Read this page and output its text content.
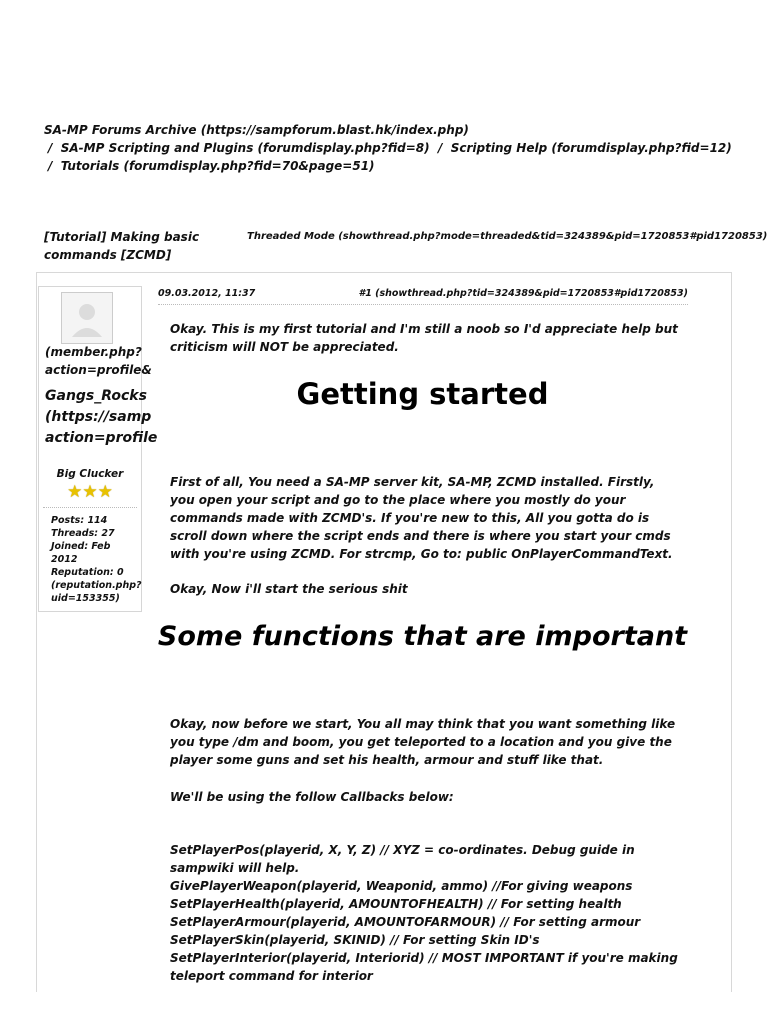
SA-MP Forums Archive (https://sampforum.blast.hk/index.php)
/ SA-MP Scripting and Plugins (forumdisplay.php?fid=8) / Scripting Help (forumdisplay.php?fid=12)
/ Tutorials (forumdisplay.php?fid=70&page=51)
[Tutorial] Making basic commands [ZCMD]
Threaded Mode (showthread.php?mode=threaded&tid=324389&pid=1720853#pid1720853)
(member.php?
action=profile&
Gangs_Rocks
(https://samp
action=profile
Big Clucker
★★★
Posts: 114
Threads: 27
Joined: Feb
2012
Reputation: 0
(reputation.php?
uid=153355)
09.03.2012, 11:37	#1 (showthread.php?tid=324389&pid=1720853#pid1720853)
Okay. This is my first tutorial and I'm still a noob so I'd appreciate help but criticism will NOT be appreciated.
Getting started
First of all, You need a SA-MP server kit, SA-MP, ZCMD installed. Firstly, you open your script and go to the place where you mostly do your commands made with ZCMD's. If you're new to this, All you gotta do is scroll down where the script ends and there is where you start your cmds with you're using ZCMD. For strcmp, Go to: public OnPlayerCommandText.
Okay, Now i'll start the serious shit
Some functions that are important
Okay, now before we start, You all may think that you want something like you type /dm and boom, you get teleported to a location and you give the player some guns and set his health, armour and stuff like that.
We'll be using the follow Callbacks below:
SetPlayerPos(playerid, X, Y, Z) // XYZ = co-ordinates. Debug guide in sampwiki will help.
GivePlayerWeapon(playerid, Weaponid, ammo) //For giving weapons
SetPlayerHealth(playerid, AMOUNTOFHEALTH) // For setting health
SetPlayerArmour(playerid, AMOUNTOFARMOUR) // For setting armour
SetPlayerSkin(playerid, SKINID) // For setting Skin ID's
SetPlayerInterior(playerid, Interiorid) // MOST IMPORTANT if you're making teleport command for interior
